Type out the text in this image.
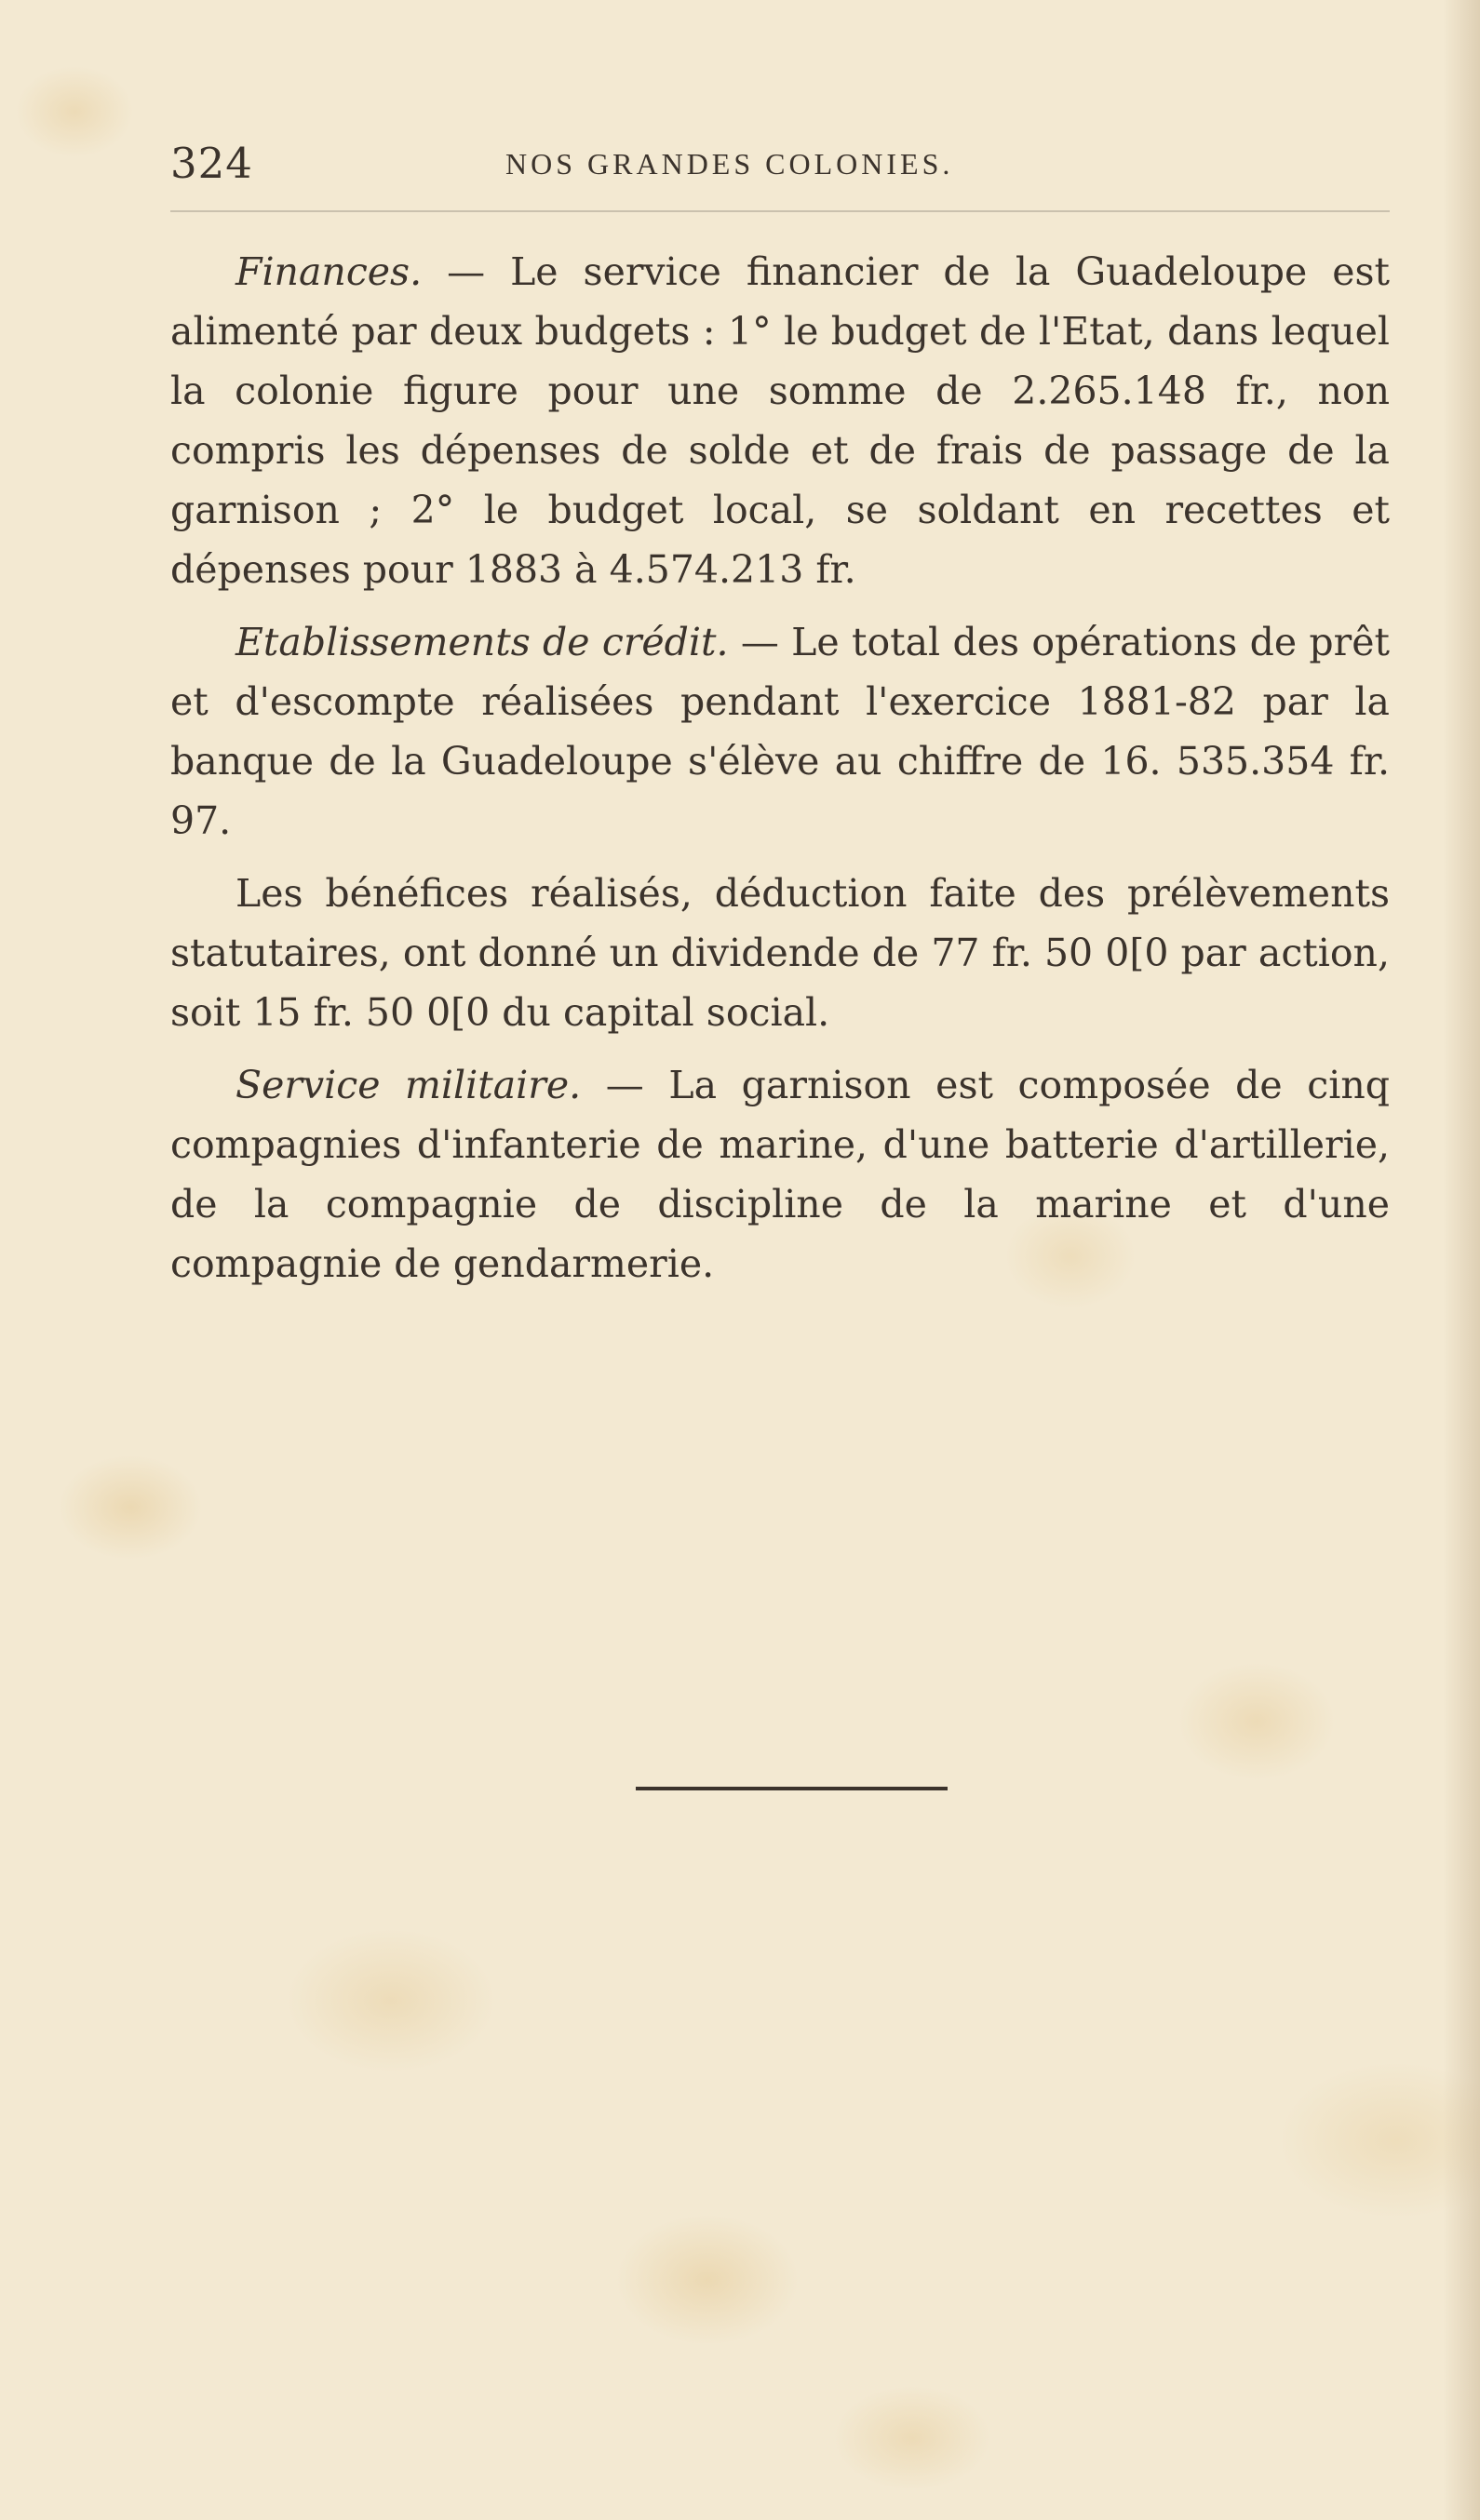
324	NOS GRANDES COLONIES.

Finances. — Le service financier de la Guadeloupe est alimenté par deux budgets : 1° le budget de l'Etat, dans lequel la colonie figure pour une somme de 2.265.148 fr., non compris les dépenses de solde et de frais de passage de la garnison ; 2° le budget local, se soldant en recettes et dépenses pour 1883 à 4.574.213 fr.

Etablissements de crédit. — Le total des opérations de prêt et d'escompte réalisées pendant l'exercice 1881-82 par la banque de la Guadeloupe s'élève au chiffre de 16. 535.354 fr. 97.

Les bénéfices réalisés, déduction faite des prélèvements statutaires, ont donné un dividende de 77 fr. 50 0[0 par action, soit 15 fr. 50 0[0 du capital social.

Service militaire. — La garnison est composée de cinq compagnies d'infanterie de marine, d'une batterie d'artillerie, de la compagnie de discipline de la marine et d'une compagnie de gendarmerie.
